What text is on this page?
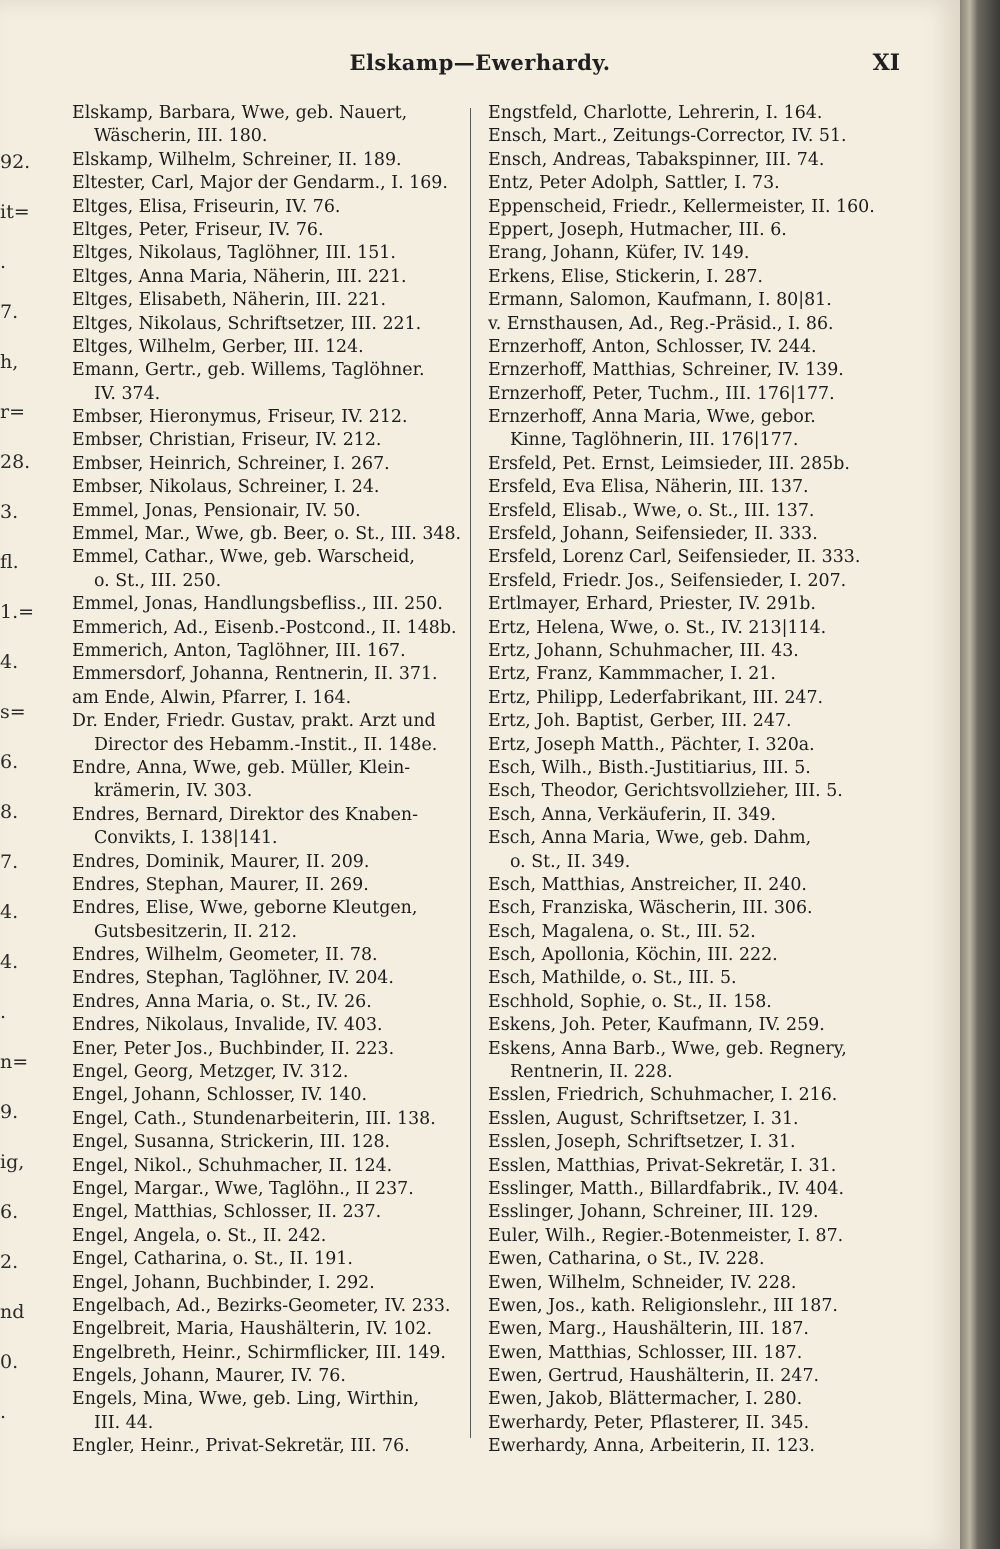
92.
it=
.
7.
h,
r=
28.
3.
fl.
1.=
4.
s=
6.
8.
7.
4.
4.
.
n=
9.
ig,
6.
2.
nd
0.
.
Elskamp—Ewerhardy.	XI
Elskamp, Barbara, Wwe, geb. Nauert,
Wäscherin, III. 180.
Elskamp, Wilhelm, Schreiner, II. 189.
Eltester, Carl, Major der Gendarm., I. 169.
Eltges, Elisa, Friseurin, IV. 76.
Eltges, Peter, Friseur, IV. 76.
Eltges, Nikolaus, Taglöhner, III. 151.
Eltges, Anna Maria, Näherin, III. 221.
Eltges, Elisabeth, Näherin, III. 221.
Eltges, Nikolaus, Schriftsetzer, III. 221.
Eltges, Wilhelm, Gerber, III. 124.
Emann, Gertr., geb. Willems, Taglöhner.
IV. 374.
Embser, Hieronymus, Friseur, IV. 212.
Embser, Christian, Friseur, IV. 212.
Embser, Heinrich, Schreiner, I. 267.
Embser, Nikolaus, Schreiner, I. 24.
Emmel, Jonas, Pensionair, IV. 50.
Emmel, Mar., Wwe, gb. Beer, o. St., III. 348.
Emmel, Cathar., Wwe, geb. Warscheid,
o. St., III. 250.
Emmel, Jonas, Handlungsbefliss., III. 250.
Emmerich, Ad., Eisenb.-Postcond., II. 148b.
Emmerich, Anton, Taglöhner, III. 167.
Emmersdorf, Johanna, Rentnerin, II. 371.
am Ende, Alwin, Pfarrer, I. 164.
Dr. Ender, Friedr. Gustav, prakt. Arzt und
Director des Hebamm.-Instit., II. 148e.
Endre, Anna, Wwe, geb. Müller, Klein-
krämerin, IV. 303.
Endres, Bernard, Direktor des Knaben-
Convikts, I. 138|141.
Endres, Dominik, Maurer, II. 209.
Endres, Stephan, Maurer, II. 269.
Endres, Elise, Wwe, geborne Kleutgen,
Gutsbesitzerin, II. 212.
Endres, Wilhelm, Geometer, II. 78.
Endres, Stephan, Taglöhner, IV. 204.
Endres, Anna Maria, o. St., IV. 26.
Endres, Nikolaus, Invalide, IV. 403.
Ener, Peter Jos., Buchbinder, II. 223.
Engel, Georg, Metzger, IV. 312.
Engel, Johann, Schlosser, IV. 140.
Engel, Cath., Stundenarbeiterin, III. 138.
Engel, Susanna, Strickerin, III. 128.
Engel, Nikol., Schuhmacher, II. 124.
Engel, Margar., Wwe, Taglöhn., II 237.
Engel, Matthias, Schlosser, II. 237.
Engel, Angela, o. St., II. 242.
Engel, Catharina, o. St., II. 191.
Engel, Johann, Buchbinder, I. 292.
Engelbach, Ad., Bezirks-Geometer, IV. 233.
Engelbreit, Maria, Haushälterin, IV. 102.
Engelbreth, Heinr., Schirmflicker, III. 149.
Engels, Johann, Maurer, IV. 76.
Engels, Mina, Wwe, geb. Ling, Wirthin,
III. 44.
Engler, Heinr., Privat-Sekretär, III. 76.
Engstfeld, Charlotte, Lehrerin, I. 164.
Ensch, Mart., Zeitungs-Corrector, IV. 51.
Ensch, Andreas, Tabakspinner, III. 74.
Entz, Peter Adolph, Sattler, I. 73.
Eppenscheid, Friedr., Kellermeister, II. 160.
Eppert, Joseph, Hutmacher, III. 6.
Erang, Johann, Küfer, IV. 149.
Erkens, Elise, Stickerin, I. 287.
Ermann, Salomon, Kaufmann, I. 80|81.
v. Ernsthausen, Ad., Reg.-Präsid., I. 86.
Ernzerhoff, Anton, Schlosser, IV. 244.
Ernzerhoff, Matthias, Schreiner, IV. 139.
Ernzerhoff, Peter, Tuchm., III. 176|177.
Ernzerhoff, Anna Maria, Wwe, gebor.
Kinne, Taglöhnerin, III. 176|177.
Ersfeld, Pet. Ernst, Leimsieder, III. 285b.
Ersfeld, Eva Elisa, Näherin, III. 137.
Ersfeld, Elisab., Wwe, o. St., III. 137.
Ersfeld, Johann, Seifensieder, II. 333.
Ersfeld, Lorenz Carl, Seifensieder, II. 333.
Ersfeld, Friedr. Jos., Seifensieder, I. 207.
Ertlmayer, Erhard, Priester, IV. 291b.
Ertz, Helena, Wwe, o. St., IV. 213|114.
Ertz, Johann, Schuhmacher, III. 43.
Ertz, Franz, Kammmacher, I. 21.
Ertz, Philipp, Lederfabrikant, III. 247.
Ertz, Joh. Baptist, Gerber, III. 247.
Ertz, Joseph Matth., Pächter, I. 320a.
Esch, Wilh., Bisth.-Justitiarius, III. 5.
Esch, Theodor, Gerichtsvollzieher, III. 5.
Esch, Anna, Verkäuferin, II. 349.
Esch, Anna Maria, Wwe, geb. Dahm,
o. St., II. 349.
Esch, Matthias, Anstreicher, II. 240.
Esch, Franziska, Wäscherin, III. 306.
Esch, Magalena, o. St., III. 52.
Esch, Apollonia, Köchin, III. 222.
Esch, Mathilde, o. St., III. 5.
Eschhold, Sophie, o. St., II. 158.
Eskens, Joh. Peter, Kaufmann, IV. 259.
Eskens, Anna Barb., Wwe, geb. Regnery,
Rentnerin, II. 228.
Esslen, Friedrich, Schuhmacher, I. 216.
Esslen, August, Schriftsetzer, I. 31.
Esslen, Joseph, Schriftsetzer, I. 31.
Esslen, Matthias, Privat-Sekretär, I. 31.
Esslinger, Matth., Billardfabrik., IV. 404.
Esslinger, Johann, Schreiner, III. 129.
Euler, Wilh., Regier.-Botenmeister, I. 87.
Ewen, Catharina, o St., IV. 228.
Ewen, Wilhelm, Schneider, IV. 228.
Ewen, Jos., kath. Religionslehr., III 187.
Ewen, Marg., Haushälterin, III. 187.
Ewen, Matthias, Schlosser, III. 187.
Ewen, Gertrud, Haushälterin, II. 247.
Ewen, Jakob, Blättermacher, I. 280.
Ewerhardy, Peter, Pflasterer, II. 345.
Ewerhardy, Anna, Arbeiterin, II. 123.
